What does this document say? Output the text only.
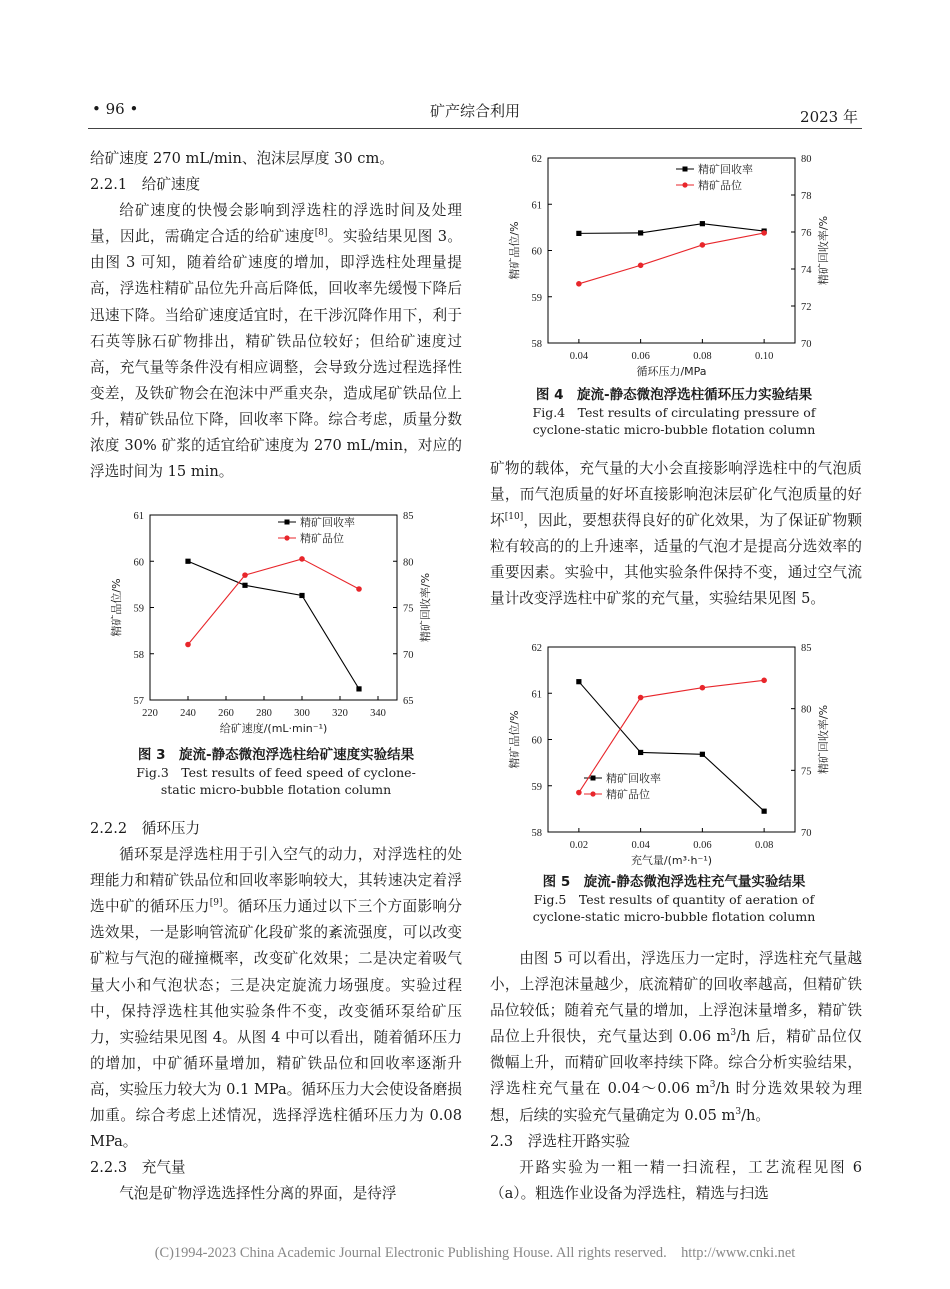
• 96 •	矿产综合利用	2023 年

给矿速度 270 mL/min、泡沫层厚度 30 cm。

2.2.1　给矿速度

给矿速度的快慢会影响到浮选柱的浮选时间及处理量，因此，需确定合适的给矿速度[8]。实验结果见图 3。由图 3 可知，随着给矿速度的增加，即浮选柱处理量提高，浮选柱精矿品位先升高后降低，回收率先缓慢下降后迅速下降。当给矿速度适宜时，在干涉沉降作用下，利于石英等脉石矿物排出，精矿铁品位较好；但给矿速度过高，充气量等条件没有相应调整，会导致分选过程选择性变差，及铁矿物会在泡沫中严重夹杂，造成尾矿铁品位上升，精矿铁品位下降，回收率下降。综合考虑，质量分数浓度 30% 矿浆的适宜给矿速度为 270 mL/min，对应的浮选时间为 15 min。

220 240 260 280 300 320 340
57
58
59
60
61
65
70
75
80
85
给矿速度/(mL·min⁻¹)
精矿品位/%	精矿回收率/%
精矿回收率
精矿品位
图 3　旋流-静态微泡浮选柱给矿速度实验结果
Fig.3　Test results of feed speed of cyclone-static micro-bubble flotation column

2.2.2　循环压力

循环泵是浮选柱用于引入空气的动力，对浮选柱的处理能力和精矿铁品位和回收率影响较大，其转速决定着浮选中矿的循环压力[9]。循环压力通过以下三个方面影响分选效果，一是影响管流矿化段矿浆的紊流强度，可以改变矿粒与气泡的碰撞概率，改变矿化效果；二是决定着吸气量大小和气泡状态；三是决定旋流力场强度。实验过程中，保持浮选柱其他实验条件不变，改变循环泵给矿压力，实验结果见图 4。从图 4 中可以看出，随着循环压力的增加，中矿循环量增加，精矿铁品位和回收率逐渐升高，实验压力较大为 0.1 MPa。循环压力大会使设备磨损加重。综合考虑上述情况，选择浮选柱循环压力为 0.08 MPa。

2.2.3　充气量

气泡是矿物浮选选择性分离的界面，是待浮

0.04	0.06	0.08	0.10
58
59
60
61
62
70
72
74
76
78
80
循环压力/MPa
精矿品位/%	精矿回收率/%
精矿回收率
精矿品位
图 4　旋流-静态微泡浮选柱循环压力实验结果
Fig.4　Test results of circulating pressure of cyclone-static micro-bubble flotation column

矿物的载体，充气量的大小会直接影响浮选柱中的气泡质量，而气泡质量的好坏直接影响泡沫层矿化气泡质量的好坏[10]，因此，要想获得良好的矿化效果，为了保证矿物颗粒有较高的的上升速率，适量的气泡才是提高分选效率的重要因素。实验中，其他实验条件保持不变，通过空气流量计改变浮选柱中矿浆的充气量，实验结果见图 5。

0.02	0.04	0.06	0.08
58
59
60
61
62
70
75
80
85
充气量/(m³·h⁻¹)
精矿品位/%	精矿回收率/%
精矿回收率
精矿品位
图 5　旋流-静态微泡浮选柱充气量实验结果
Fig.5　Test results of quantity of aeration of cyclone-static micro-bubble flotation column

由图 5 可以看出，浮选压力一定时，浮选柱充气量越小，上浮泡沫量越少，底流精矿的回收率越高，但精矿铁品位较低；随着充气量的增加，上浮泡沫量增多，精矿铁品位上升很快，充气量达到 0.06 $m^3/h$ 后，精矿品位仅微幅上升，而精矿回收率持续下降。综合分析实验结果，浮选柱充气量在 0.04～0.06 $m^3/h$ 时分选效果较为理想，后续的实验充气量确定为 0.05 $m^3/h$。

2.3　浮选柱开路实验

开路实验为一粗一精一扫流程，工艺流程见图 6（a）。粗选作业设备为浮选柱，精选与扫选

(C)1994-2023 China Academic Journal Electronic Publishing House. All rights reserved.　http://www.cnki.net
